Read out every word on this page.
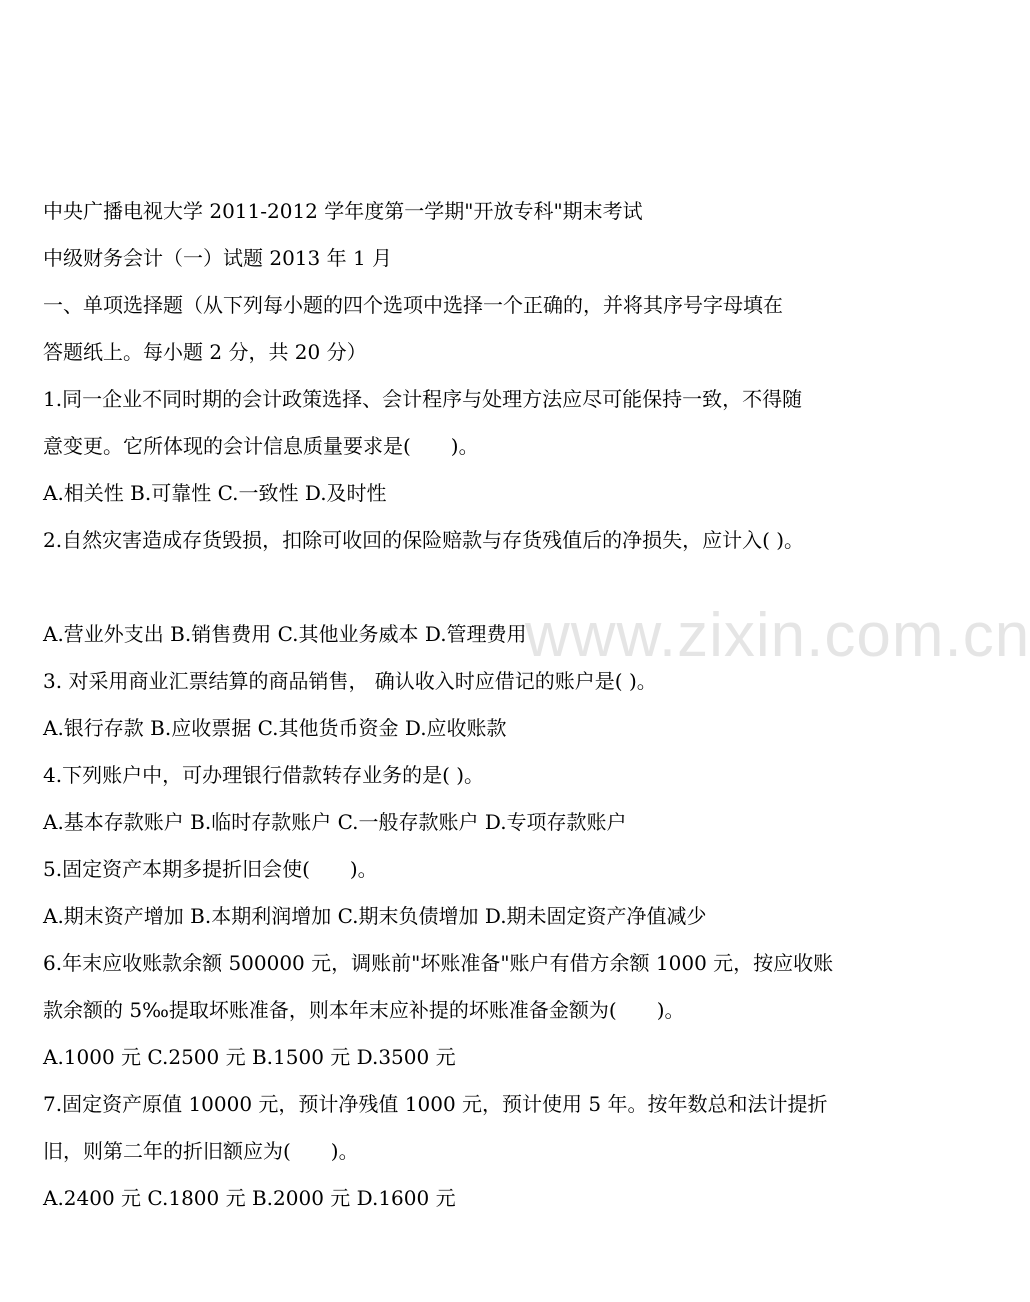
中央广播电视大学 2011-2012 学年度第一学期"开放专科"期末考试
中级财务会计（一）试题 2013 年 1 月
一、单项选择题（从下列每小题的四个选项中选择一个正确的，并将其序号字母填在
答题纸上。每小题 2 分，共 20 分）
1.同一企业不同时期的会计政策选择、会计程序与处理方法应尽可能保持一致，不得随
意变更。它所体现的会计信息质量要求是(　　)。
A.相关性 B.可靠性 C.一致性 D.及时性
2.自然灾害造成存货毁损，扣除可收回的保险赔款与存货残值后的净损失，应计入( )。
A.营业外支出 B.销售费用 C.其他业务威本 D.管理费用
3. 对采用商业汇票结算的商品销售， 确认收入时应借记的账户是( )。
A.银行存款 B.应收票据 C.其他货币资金 D.应收账款
4.下列账户中，可办理银行借款转存业务的是( )。
A.基本存款账户 B.临时存款账户 C.一般存款账户 D.专项存款账户
5.固定资产本期多提折旧会使(　　)。
A.期末资产增加 B.本期利润增加 C.期末负债增加 D.期未固定资产净值减少
6.年末应收账款余额 500000 元，调账前"坏账准备"账户有借方余额 1000 元，按应收账
款余额的 5‰提取坏账准备，则本年末应补提的坏账准备金额为(　　)。
A.1000 元 C.2500 元 B.1500 元 D.3500 元
7.固定资产原值 10000 元，预计净残值 1000 元，预计使用 5 年。按年数总和法计提折
旧，则第二年的折旧额应为(　　)。
A.2400 元 C.1800 元 B.2000 元 D.1600 元
www.zixin.com.cn
